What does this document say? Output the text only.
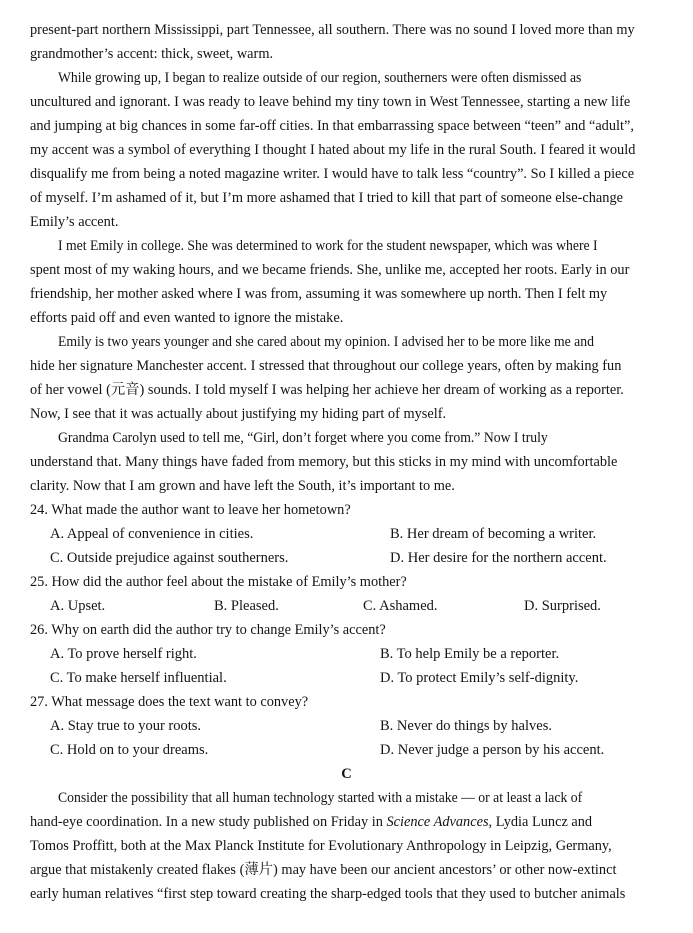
present-part northern Mississippi, part Tennessee, all southern. There was no sound I loved more than my
grandmother’s accent: thick, sweet, warm.
While growing up, I began to realize outside of our region, southerners were often dismissed as
uncultured and ignorant. I was ready to leave behind my tiny town in West Tennessee, starting a new life
and jumping at big chances in some far-off cities. In that embarrassing space between “teen” and “adult”,
my accent was a symbol of everything I thought I hated about my life in the rural South. I feared it would
disqualify me from being a noted magazine writer. I would have to talk less “country”. So I killed a piece
of myself. I’m ashamed of it, but I’m more ashamed that I tried to kill that part of someone else-change
Emily’s accent.
I met Emily in college. She was determined to work for the student newspaper, which was where I
spent most of my waking hours, and we became friends. She, unlike me, accepted her roots. Early in our
friendship, her mother asked where I was from, assuming it was somewhere up north. Then I felt my
efforts paid off and even wanted to ignore the mistake.
Emily is two years younger and she cared about my opinion. I advised her to be more like me and
hide her signature Manchester accent. I stressed that throughout our college years, often by making fun
of her vowel (元音) sounds. I told myself I was helping her achieve her dream of working as a reporter.
Now, I see that it was actually about justifying my hiding part of myself.
Grandma Carolyn used to tell me, “Girl, don’t forget where you come from.” Now I truly
understand that. Many things have faded from memory, but this sticks in my mind with uncomfortable
clarity. Now that I am grown and have left the South, it’s important to me.
24. What made the author want to leave her hometown?
A. Appeal of convenience in cities.	B. Her dream of becoming a writer.
C. Outside prejudice against southerners.	D. Her desire for the northern accent.
25. How did the author feel about the mistake of Emily’s mother?
A. Upset.	B. Pleased.	C. Ashamed.	D. Surprised.
26. Why on earth did the author try to change Emily’s accent?
A. To prove herself right.	B. To help Emily be a reporter.
C. To make herself influential.	D. To protect Emily’s self-dignity.
27. What message does the text want to convey?
A. Stay true to your roots.	B. Never do things by halves.
C. Hold on to your dreams.	D. Never judge a person by his accent.
C
Consider the possibility that all human technology started with a mistake — or at least a lack of
hand-eye coordination. In a new study published on Friday in Science Advances, Lydia Luncz and
Tomos Proffitt, both at the Max Planck Institute for Evolutionary Anthropology in Leipzig, Germany,
argue that mistakenly created flakes (薄片) may have been our ancient ancestors’ or other now-extinct
early human relatives “first step toward creating the sharp-edged tools that they used to butcher animals
